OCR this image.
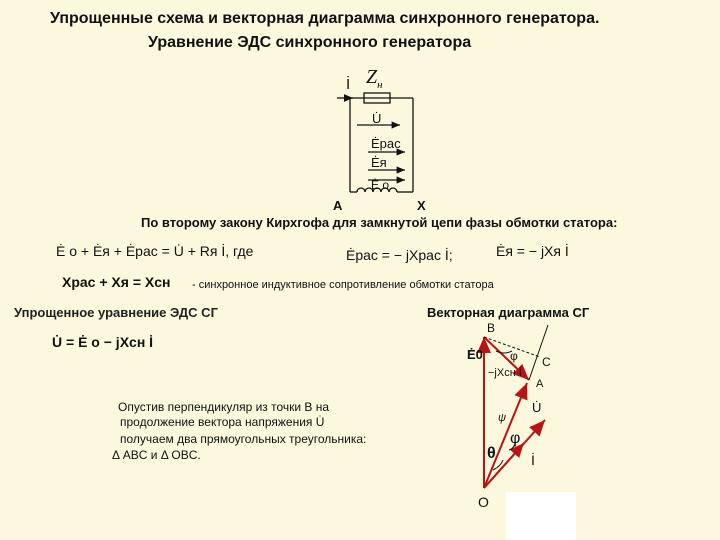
Упрощенные схема и векторная диаграмма синхронного генератора.
Уравнение ЭДС синхронного генератора
İ $Z_н$
U̇
Ėрас
Ėя
Ė о
А	Х
По второму закону Кирхгофа для замкнутой цепи фазы обмотки статора:
Ė о + Ėя + Ėрас = U̇ + Rя İ, где	Ėрас = − jXрас İ;	Ėя = − jXя İ
Xрас + Xя = Xсн - синхронное индуктивное сопротивление обмотки статора
Упрощенное уравнение ЭДС СГ
U̇ = Ė о − jXсн İ
Векторная диаграмма СГ
В
С
А
О
Ė0 φ
−jXсн İ
U̇
ψ
φ
θ	İ
Опустив перпендикуляр из точки В на
продолжение вектора напряжения U̇
получаем два прямоугольных треугольника:
Δ ABC и Δ OBC.
